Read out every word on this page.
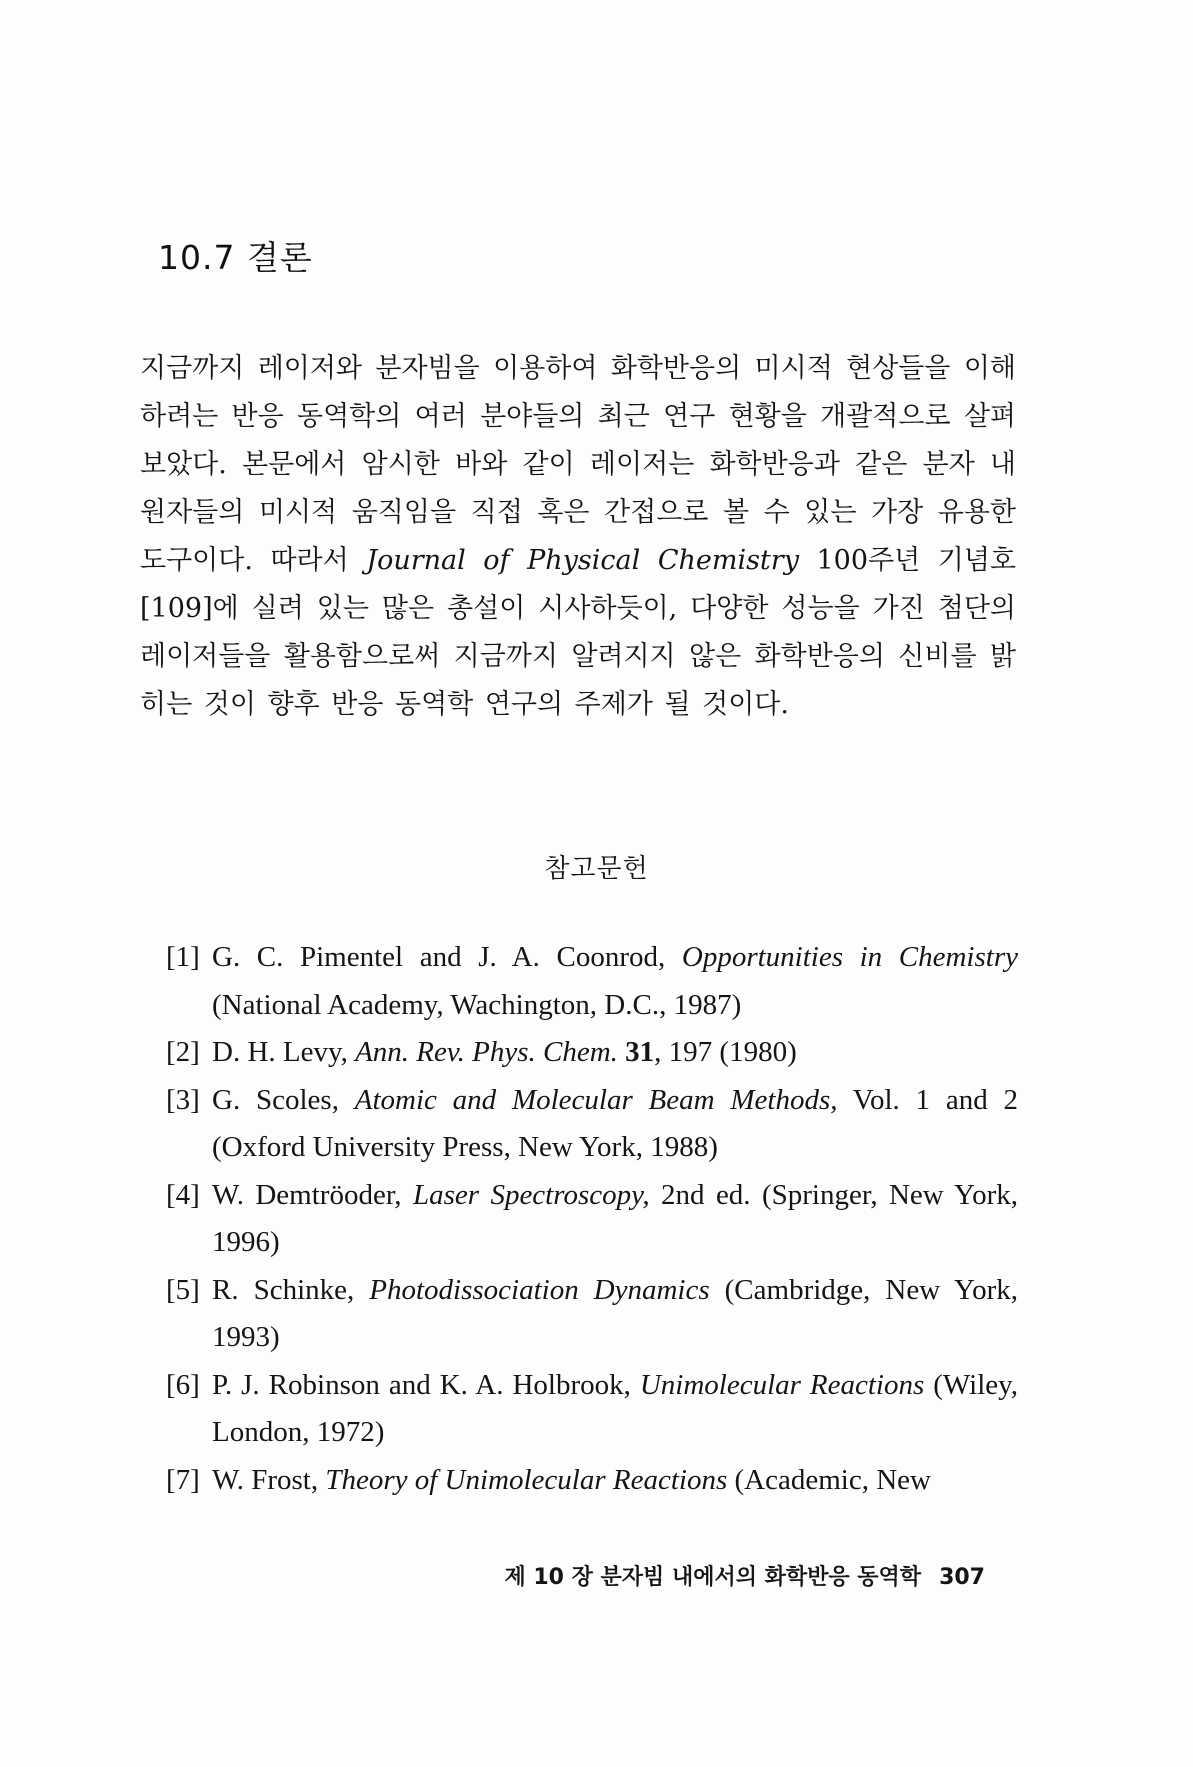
10.7 결론

지금까지 레이저와 분자빔을 이용하여 화학반응의 미시적 현상들을 이해하려는 반응 동역학의 여러 분야들의 최근 연구 현황을 개괄적으로 살펴보았다. 본문에서 암시한 바와 같이 레이저는 화학반응과 같은 분자 내 원자들의 미시적 움직임을 직접 혹은 간접으로 볼 수 있는 가장 유용한 도구이다. 따라서 Journal of Physical Chemistry 100주년 기념호[109]에 실려 있는 많은 총설이 시사하듯이, 다양한 성능을 가진 첨단의 레이저들을 활용함으로써 지금까지 알려지지 않은 화학반응의 신비를 밝히는 것이 향후 반응 동역학 연구의 주제가 될 것이다.

참고문헌
[1] G. C. Pimentel and J. A. Coonrod, Opportunities in Chemistry (National Academy, Wachington, D.C., 1987)
[2] D. H. Levy, Ann. Rev. Phys. Chem. 31, 197 (1980)
[3] G. Scoles, Atomic and Molecular Beam Methods, Vol. 1 and 2 (Oxford University Press, New York, 1988)
[4] W. Demtröoder, Laser Spectroscopy, 2nd ed. (Springer, New York, 1996)
[5] R. Schinke, Photodissociation Dynamics (Cambridge, New York, 1993)
[6] P. J. Robinson and K. A. Holbrook, Unimolecular Reactions (Wiley, London, 1972)
[7] W. Frost, Theory of Unimolecular Reactions (Academic, New
제 10 장 분자빔 내에서의 화학반응 동역학 307
